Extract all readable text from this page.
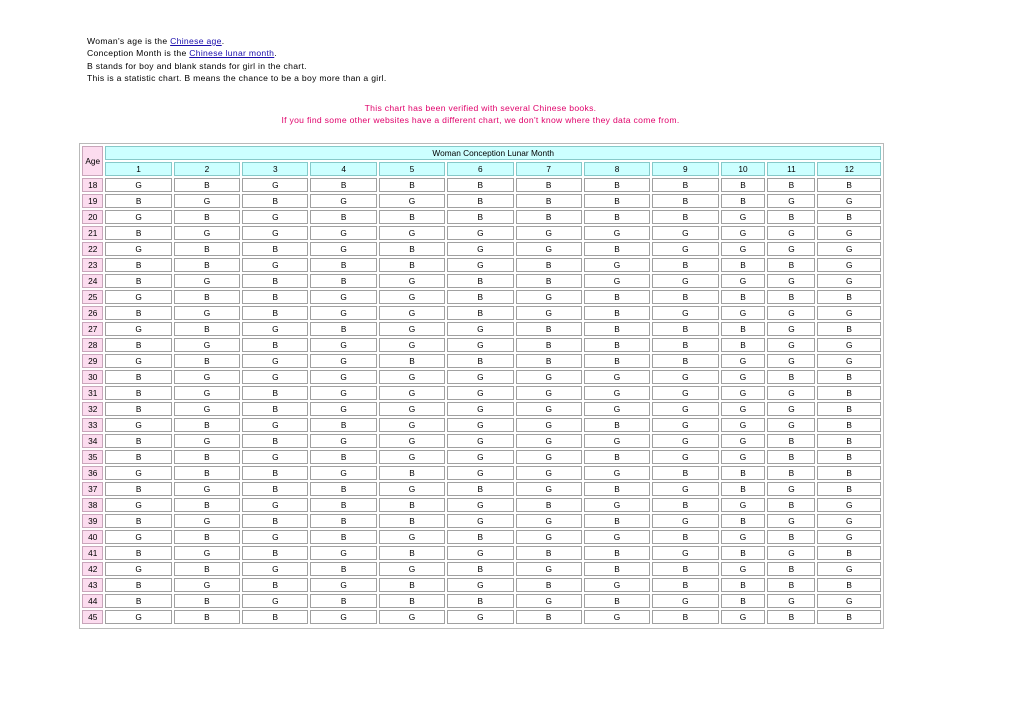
Woman's age is the Chinese age.
Conception Month is the Chinese lunar month.
B stands for boy and blank stands for girl in the chart.
This is a statistic chart. B means the chance to be a boy more than a girl.
This chart has been verified with several Chinese books.
If you find some other websites have a different chart, we don't know where they data come from.
Age	Woman Conception Lunar Month											
	1	2	3	4	5	6	7	8	9	10	11	12
18	G	B	G	B	B	B	B	B	B	B	B	B
19	B	G	B	G	G	B	B	B	B	B	G	G
20	G	B	G	B	B	B	B	B	B	G	B	B
21	B	G	G	G	G	G	G	G	G	G	G	G
22	G	B	B	G	B	G	G	B	G	G	G	G
23	B	B	G	B	B	G	B	G	B	B	B	G
24	B	G	B	B	G	B	B	G	G	G	G	G
25	G	B	B	G	G	B	G	B	B	B	B	B
26	B	G	B	G	G	B	G	B	G	G	G	G
27	G	B	G	B	G	G	B	B	B	B	G	B
28	B	G	B	G	G	G	B	B	B	B	G	G
29	G	B	G	G	B	B	B	B	B	G	G	G
30	B	G	G	G	G	G	G	G	G	G	B	B
31	B	G	B	G	G	G	G	G	G	G	G	B
32	B	G	B	G	G	G	G	G	G	G	G	B
33	G	B	G	B	G	G	G	B	G	G	G	B
34	B	G	B	G	G	G	G	G	G	G	B	B
35	B	B	G	B	G	G	G	B	G	G	B	B
36	G	B	B	G	B	G	G	G	B	B	B	B
37	B	G	B	B	G	B	G	B	G	B	G	B
38	G	B	G	B	B	G	B	G	B	G	B	G
39	B	G	B	B	B	G	G	B	G	B	G	G
40	G	B	G	B	G	B	G	G	B	G	B	G
41	B	G	B	G	B	G	B	B	G	B	G	B
42	G	B	G	B	G	B	G	B	B	G	B	G
43	B	G	B	G	B	G	B	G	B	B	B	B
44	B	B	G	B	B	B	G	B	G	B	G	G
45	G	B	B	G	G	G	B	G	B	G	B	B
